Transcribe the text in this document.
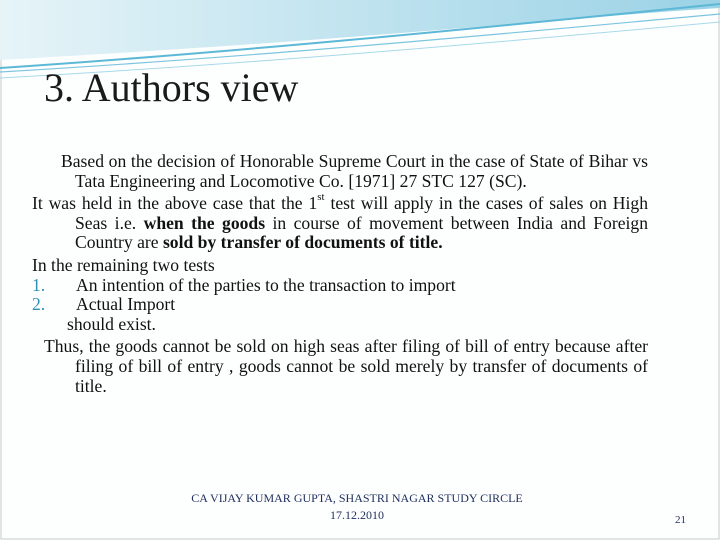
3. Authors view

Based on the decision of Honorable Supreme Court in the case of State of Bihar vs Tata Engineering and Locomotive Co. [1971] 27 STC 127 (SC).

It was held in the above case that the 1st test will apply in the cases of sales on High Seas i.e. when the goods in course of movement between India and Foreign Country are sold by transfer of documents of title.

In the remaining two tests

1.	An intention of the parties to the transaction to import
2.	Actual Import

should exist.

Thus, the goods cannot be sold on high seas after filing of bill of entry because after filing of bill of entry , goods cannot be sold merely by transfer of documents of title.

CA VIJAY KUMAR GUPTA, SHASTRI NAGAR STUDY CIRCLE
17.12.2010	21
